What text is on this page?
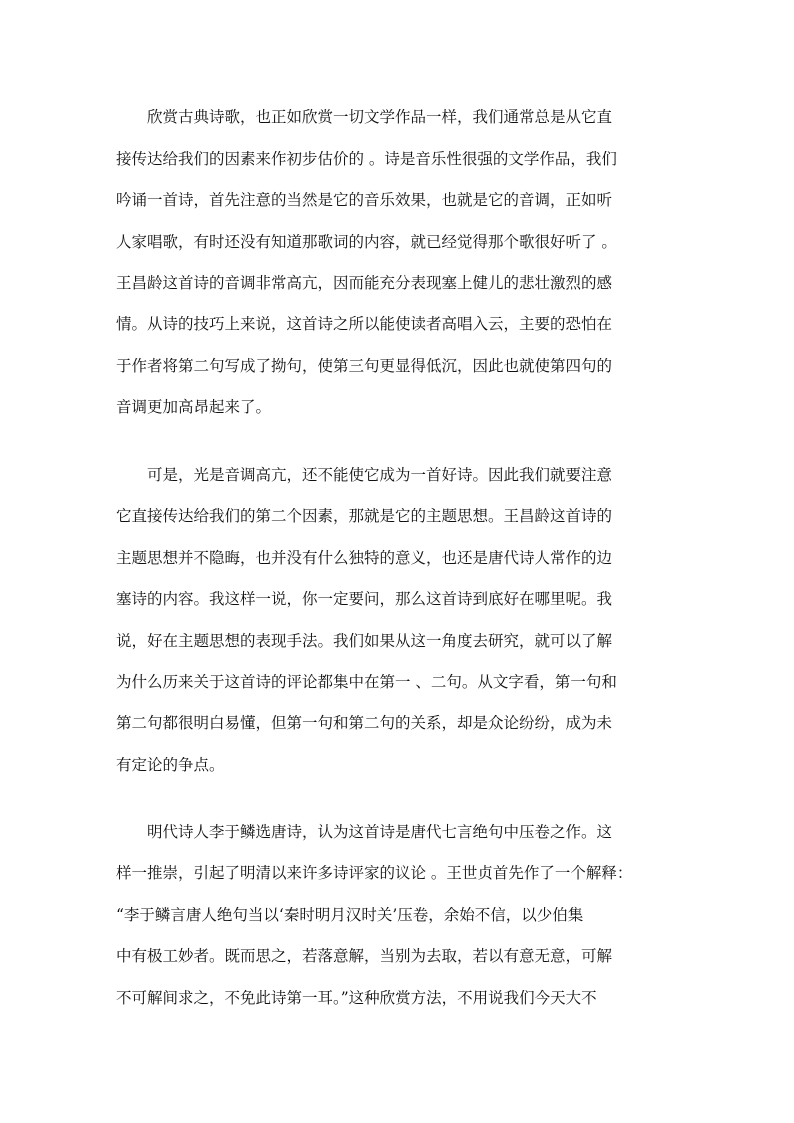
欣赏古典诗歌，也正如欣赏一切文学作品一样，我们通常总是从它直
接传达给我们的因素来作初步估价的 。诗是音乐性很强的文学作品，我们
吟诵一首诗，首先注意的当然是它的音乐效果，也就是它的音调，正如听
人家唱歌，有时还没有知道那歌词的内容，就已经觉得那个歌很好听了 。
王昌龄这首诗的音调非常高亢，因而能充分表现塞上健儿的悲壮激烈的感
情。从诗的技巧上来说，这首诗之所以能使读者高唱入云，主要的恐怕在
于作者将第二句写成了拗句，使第三句更显得低沉，因此也就使第四句的
音调更加高昂起来了。
可是，光是音调高亢，还不能使它成为一首好诗。因此我们就要注意
它直接传达给我们的第二个因素，那就是它的主题思想。王昌龄这首诗的
主题思想并不隐晦，也并没有什么独特的意义，也还是唐代诗人常作的边
塞诗的内容。我这样一说，你一定要问，那么这首诗到底好在哪里呢。我
说，好在主题思想的表现手法。我们如果从这一角度去研究，就可以了解
为什么历来关于这首诗的评论都集中在第一 、二句。从文字看，第一句和
第二句都很明白易懂，但第一句和第二句的关系，却是众论纷纷，成为未
有定论的争点。
明代诗人李于鳞选唐诗，认为这首诗是唐代七言绝句中压卷之作。这
样一推崇，引起了明清以来许多诗评家的议论 。王世贞首先作了一个解释：
“李于鳞言唐人绝句当以‘秦时明月汉时关’压卷，余始不信，以少伯集
中有极工妙者。既而思之，若落意解，当别为去取，若以有意无意，可解
不可解间求之，不免此诗第一耳。”这种欣赏方法，不用说我们今天大不
